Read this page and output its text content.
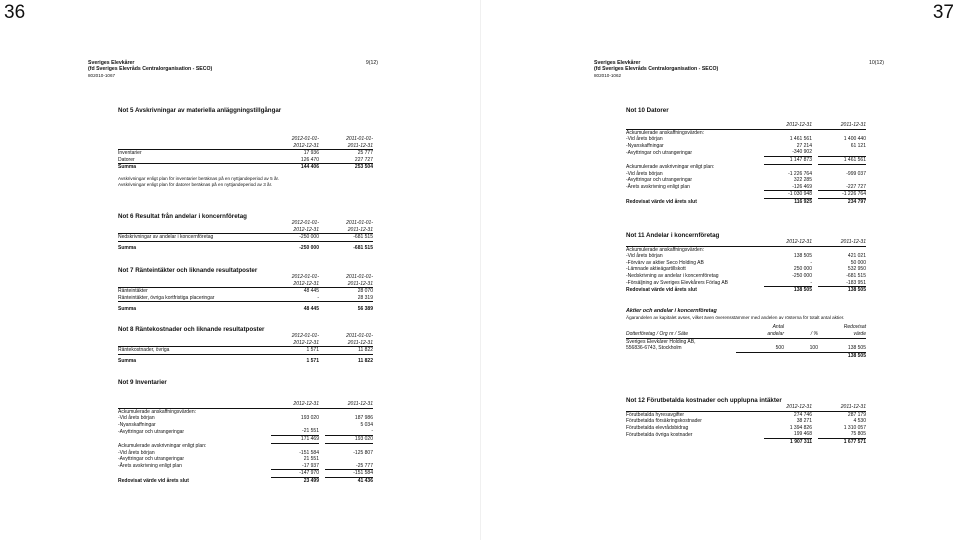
36	37
Sveriges Elevkårer
(fd Sveriges Elevråds Centralorganisation - SECO)
802010-1067
9(12)
Not 5 Avskrivningar av materiella anläggningstillgångar
	2012-01-01-		2011-01-01-
	2012-12-31		2011-12-31
Inventarier	17 936		25 777
Datorer	126 470		227 727
Summa	144 406		253 504
Avskrivningar enligt plan för inventarier beräknas på en nyttjandeperiod av 5 år. Avskrivningar enligt plan för datorer beräknas på en nyttjandeperiod av 3 år.
Not 6 Resultat från andelar i koncernföretag
	2012-01-01-		2011-01-01-
	2012-12-31		2011-12-31
Nedskrivningar av andelar i koncernföretag	-250 000		-681 515

Summa	-250 000		-681 515
Not 7 Ränteintäkter och liknande resultatposter
	2012-01-01-		2011-01-01-
	2012-12-31		2011-12-31
Ränteintäkter	48 445		28 070
Ränteintäkter, övriga kortfristiga placeringar	-		28 319

Summa	48 445		56 389
Not 8 Räntekostnader och liknande resultatposter
	2012-01-01-		2011-01-01-
	2012-12-31		2011-12-31
Räntekostnader, övriga	1 571		11 822

Summa	1 571		11 822
Not 9 Inventarier
	2012-12-31		2011-12-31
Ackumulerade anskaffningsvärden:			
-Vid årets början	193 020		187 986
-Nyanskaffningar			5 034
-Avyttringar och utrangeringar	-21 551		-
	171 469		193 020
Ackumulerade avskrivningar enligt plan:			
-Vid årets början	-151 584		-125 807
-Avyttringar och utrangeringar	21 551		
-Årets avskrivning enligt plan	-17 937		-25 777
	-147 970		-151 584
Redovisat värde vid årets slut	23 499		41 436
Sveriges Elevkårer
(fd Sveriges Elevråds Centralorganisation - SECO)
802010-1062
10(12)
Not 10 Datorer
	2012-12-31		2011-12-31
Ackumulerade anskaffningsvärden:			
-Vid årets början	1 461 561		1 400 440
-Nyanskaffningar	27 214		61 121
-Avyttringar och utrangeringar	-340 902		
	1 147 873		1 461 561
Ackumulerade avskrivningar enligt plan:			
-Vid årets början	-1 226 764		-999 037
-Avyttringar och utrangeringar	322 285		
-Årets avskrivning enligt plan	-126 469		-227 727
	-1 030 948		-1 226 764
Redovisat värde vid årets slut	116 925		234 797
Not 11 Andelar i koncernföretag
	2012-12-31		2011-12-31
Ackumulerade anskaffningsvärden:			
-Vid årets början	138 505		421 021
-Förvärv av aktier Seco Holding AB	-		50 000
-Lämnade aktieägartillskott	250 000		532 950
-Nedskrivning av andelar i koncernföretag	-250 000		-681 515
-Försäljning av Sveriges Elevkårers Förlag AB	-		-183 951
Redovisat värde vid årets slut	138 505		138 505
Aktier och andelar i koncernföretag
Ägarandelen av kapitalet avses, vilket även överensstämmer med andelen av rösterna för totalt antal aktier.
	Antal		Redovisat
Dotterföretag / Org nr / Säte	andelar	/ %	värde
Sveriges Elevkårer Holding AB,			
556836-6743, Stockholm	500	100	138 505
			138 505
Not 12 Förutbetalda kostnader och upplupna intäkter
	2012-12-31		2011-12-31
Förutbetalda hyresavgifter	274 746		287 179
Förutbetalda försäkringskostnader	38 271		4 530
Förutbetalda elevrådsbidrag	1 394 826		1 310 057
Förutbetalda övriga kostnader	199 468		75 805
	1 907 311		1 677 571
